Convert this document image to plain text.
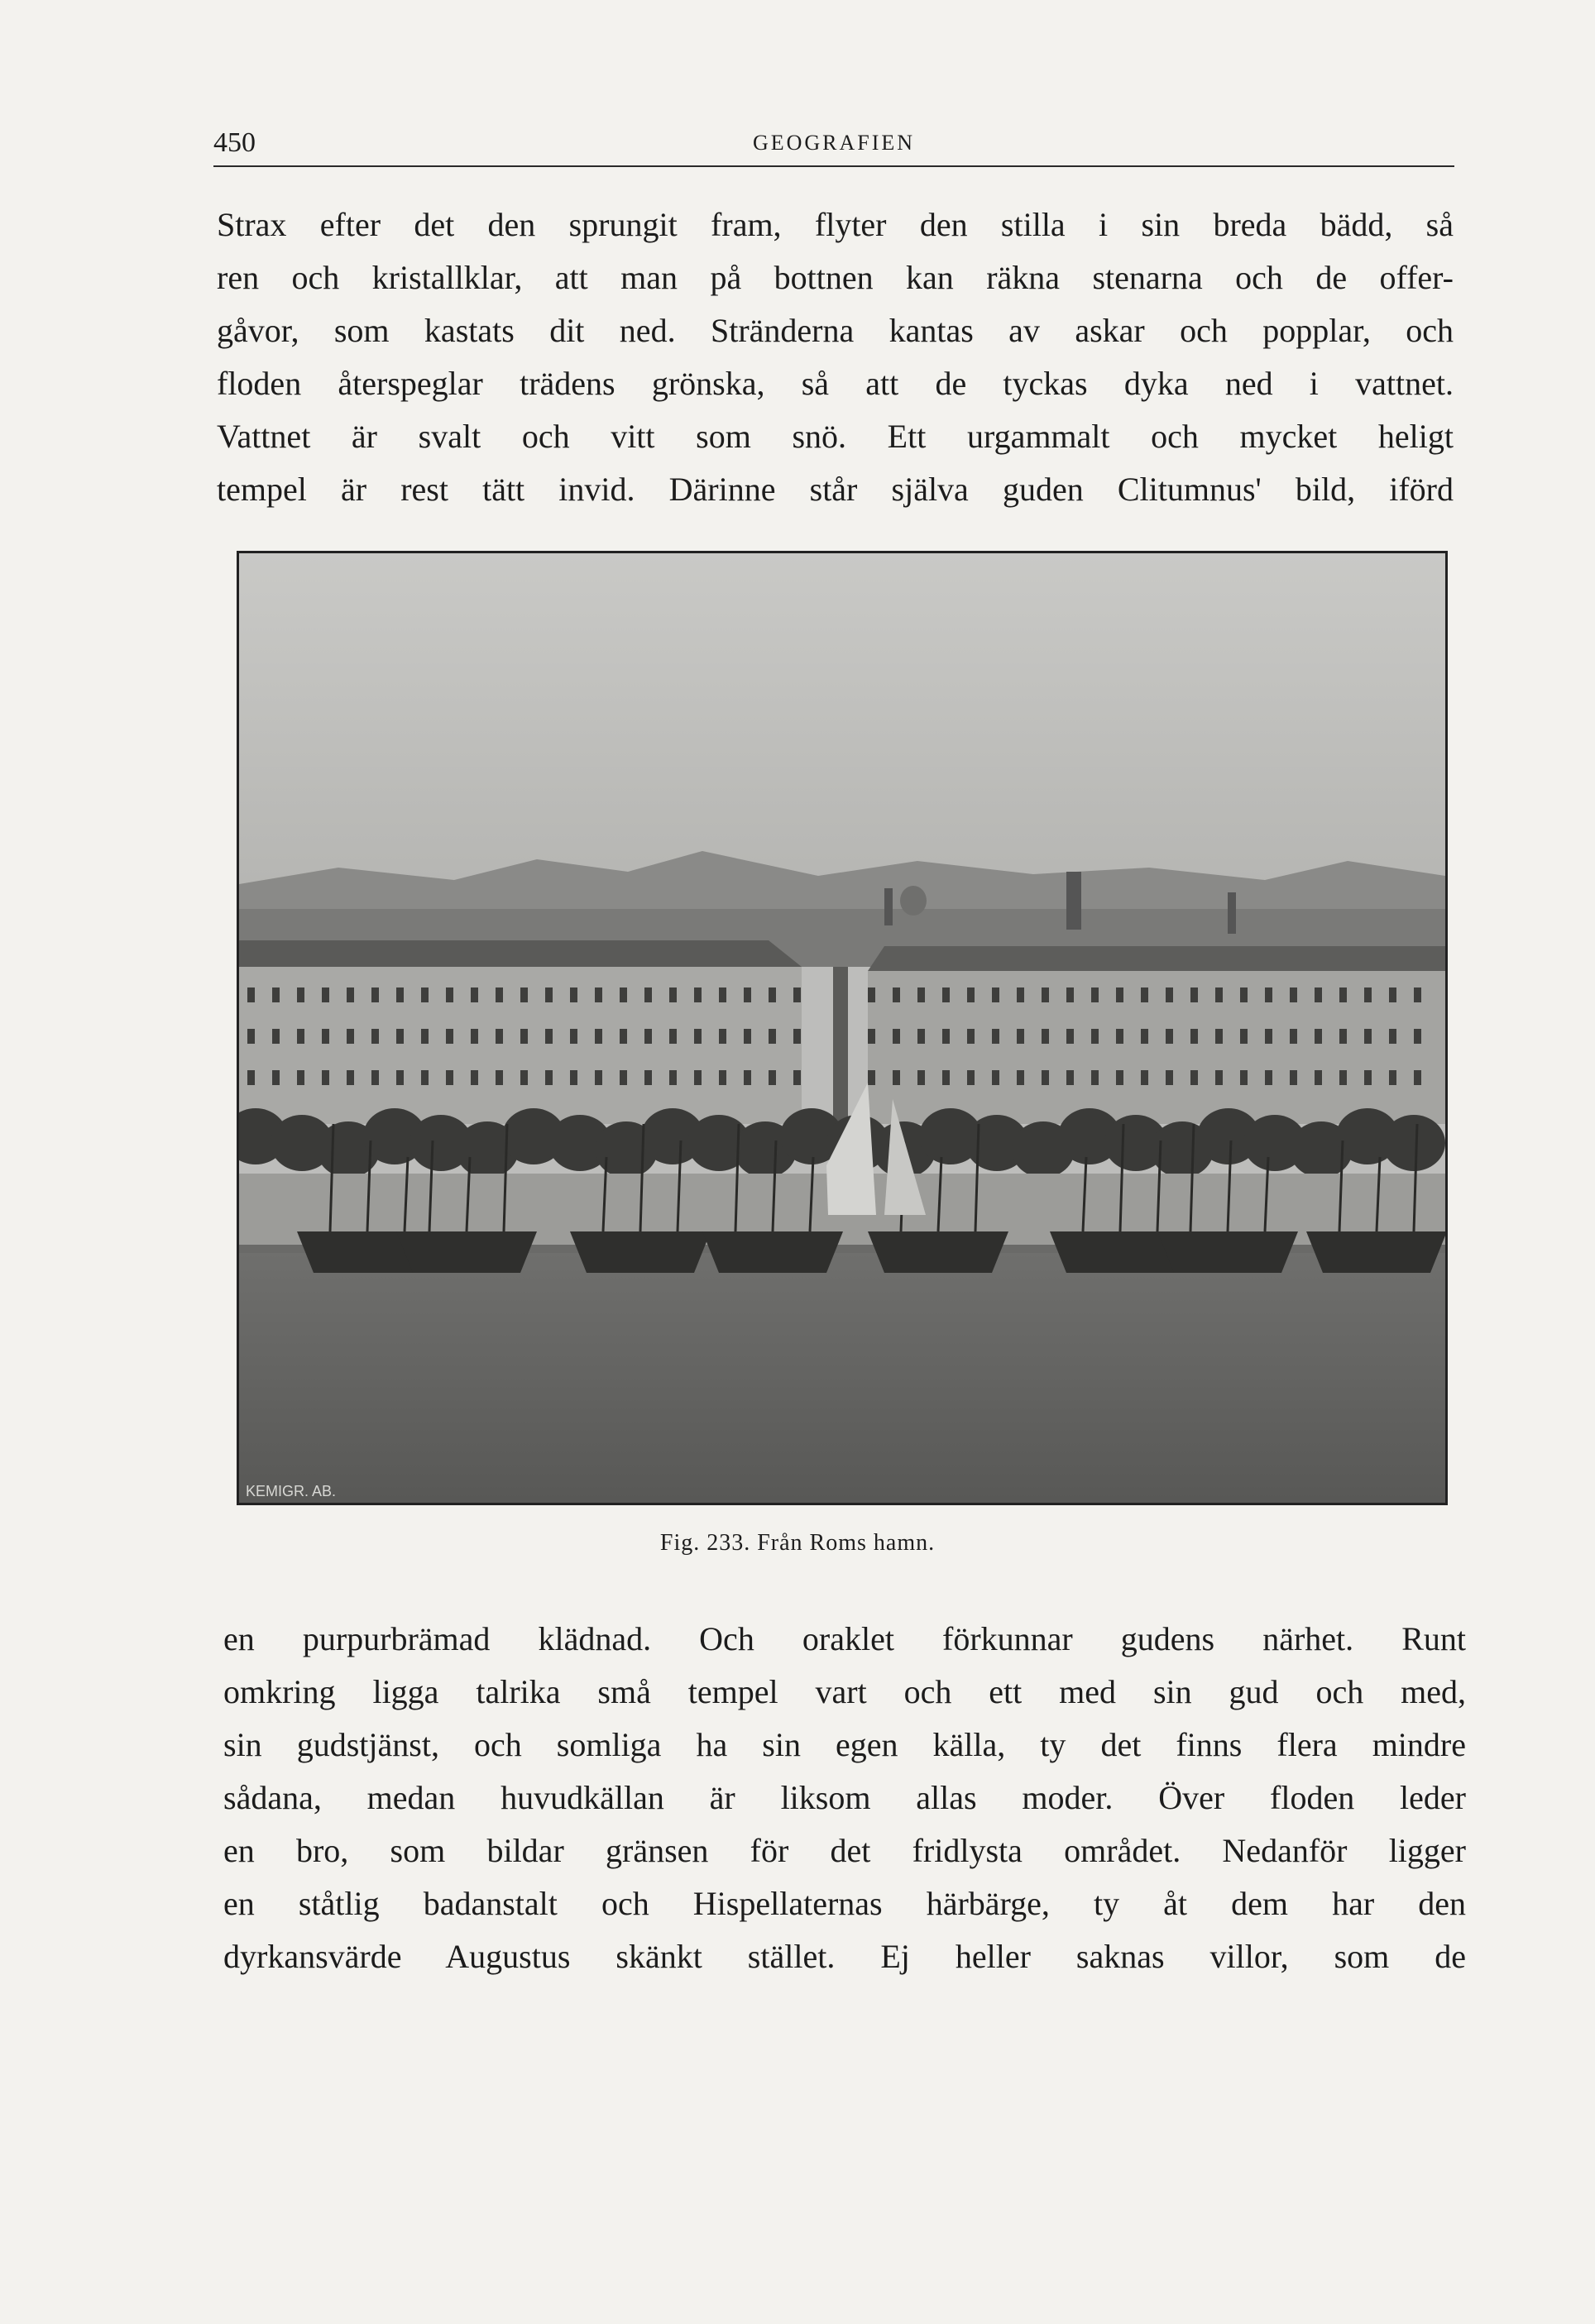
450	GEOGRAFIEN
Strax efter det den sprungit fram, flyter den stilla i sin breda bädd, så
ren och kristallklar, att man på bottnen kan räkna stenarna och de offer-
gåvor, som kastats dit ned. Stränderna kantas av askar och popplar, och
floden återspeglar trädens grönska, så att de tyckas dyka ned i vattnet.
Vattnet är svalt och vitt som snö. Ett urgammalt och mycket heligt
tempel är rest tätt invid. Därinne står själva guden Clitumnus' bild, iförd
KEMIGR. AB.
Fig. 233. Från Roms hamn.
en purpurbrämad klädnad. Och oraklet förkunnar gudens närhet. Runt
omkring ligga talrika små tempel vart och ett med sin gud och med,
sin gudstjänst, och somliga ha sin egen källa, ty det finns flera mindre
sådana, medan huvudkällan är liksom allas moder. Över floden leder
en bro, som bildar gränsen för det fridlysta området. Nedanför ligger
en ståtlig badanstalt och Hispellaternas härbärge, ty åt dem har den
dyrkansvärde Augustus skänkt stället. Ej heller saknas villor, som de
